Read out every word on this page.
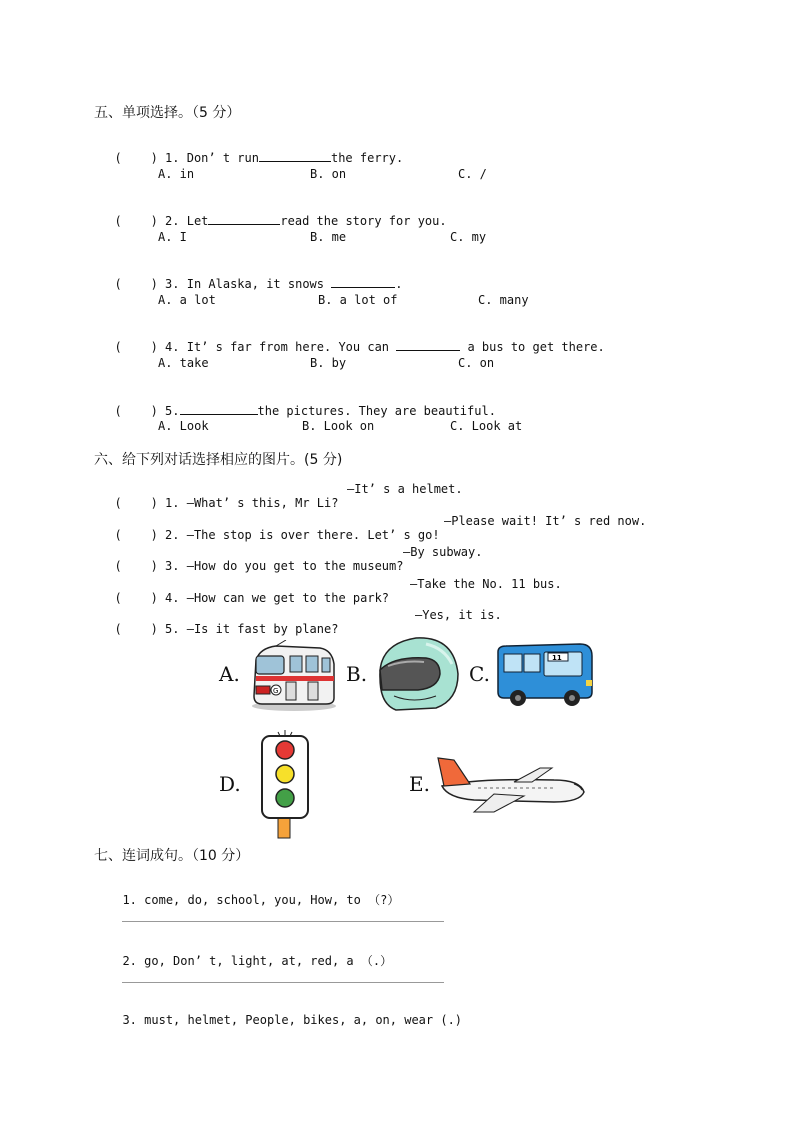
五、单项选择。（5 分）

(    ) 1. Don’ t run	the ferry.

A. in	B. on	C. /

(    ) 2. Let	read the story for you.

A. I	B. me	C. my

(    ) 3. In Alaska, it snows	.

A. a lot	B. a lot of	C. many

(    ) 4. It’ s far from here. You can	a bus to get there.

A. take	B. by	C. on

(    ) 5.	the pictures. They are beautiful.

A. Look	B. Look on	C. Look at
六、给下列对话选择相应的图片。(5 分)

(    ) 1. —What’ s this, Mr Li?

—It’ s a helmet.

(    ) 2. —The stop is over there. Let’ s go!

—Please wait! It’ s red now.

(    ) 3. —How do you get to the museum?

—By subway.

(    ) 4. —How can we get to the park?

—Take the No. 11 bus.

(    ) 5. —Is it fast by plane?

—Yes, it is.
A.	B.	C.
D.	E.
G
11
七、连词成句。（10 分）

1. come, do, school, you, How, to （?）

2. go, Don’ t, light, at, red, a （.）

3. must, helmet, People, bikes, a, on, wear (.)
